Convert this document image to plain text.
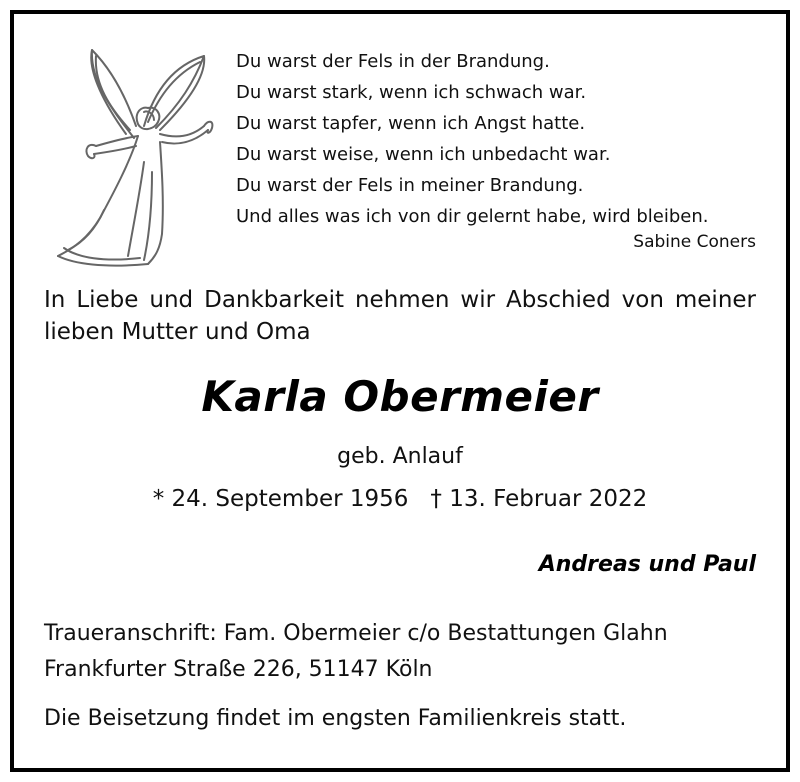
Du warst der Fels in der Brandung.
Du warst stark, wenn ich schwach war.
Du warst tapfer, wenn ich Angst hatte.
Du warst weise, wenn ich unbedacht war.
Du warst der Fels in meiner Brandung.
Und alles was ich von dir gelernt habe, wird bleiben.
Sabine Coners
In Liebe und Dankbarkeit nehmen wir Abschied von meiner lieben Mutter und Oma
Karla Obermeier
geb. Anlauf
* 24. September 1956 † 13. Februar 2022
Andreas und Paul
Traueranschrift: Fam. Obermeier c/o Bestattungen Glahn
Frankfurter Straße 226, 51147 Köln
Die Beisetzung findet im engsten Familienkreis statt.
